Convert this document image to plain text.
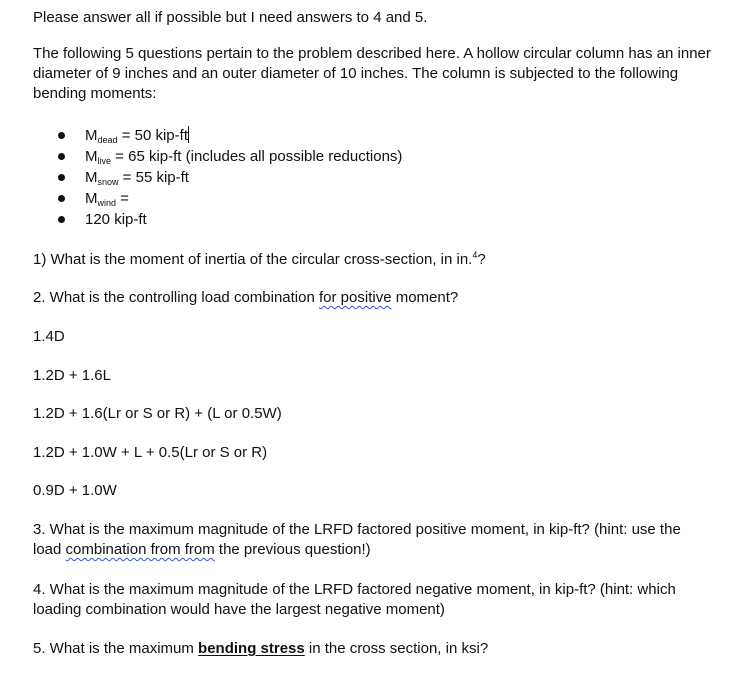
Please answer all if possible but I need answers to 4 and 5.

The following 5 questions pertain to the problem described here. A hollow circular column has an inner diameter of 9 inches and an outer diameter of 10 inches. The column is subjected to the following bending moments:

$M_{dead} = 50$ kip-ft
$M_{live} = 65$ kip-ft (includes all possible reductions)
$M_{snow} = 55$ kip-ft
$M_{wind}$ =
120 kip-ft

1) What is the moment of inertia of the circular cross-section, in in.$^4$?

2. What is the controlling load combination for positive moment?

1.4D

1.2D + 1.6L

1.2D + 1.6(Lr or S or R) + (L or 0.5W)

1.2D + 1.0W + L + 0.5(Lr or S or R)

0.9D + 1.0W

3. What is the maximum magnitude of the LRFD factored positive moment, in kip-ft? (hint: use the load combination from from the previous question!)

4. What is the maximum magnitude of the LRFD factored negative moment, in kip-ft? (hint: which loading combination would have the largest negative moment)

5. What is the maximum bending stress in the cross section, in ksi?
